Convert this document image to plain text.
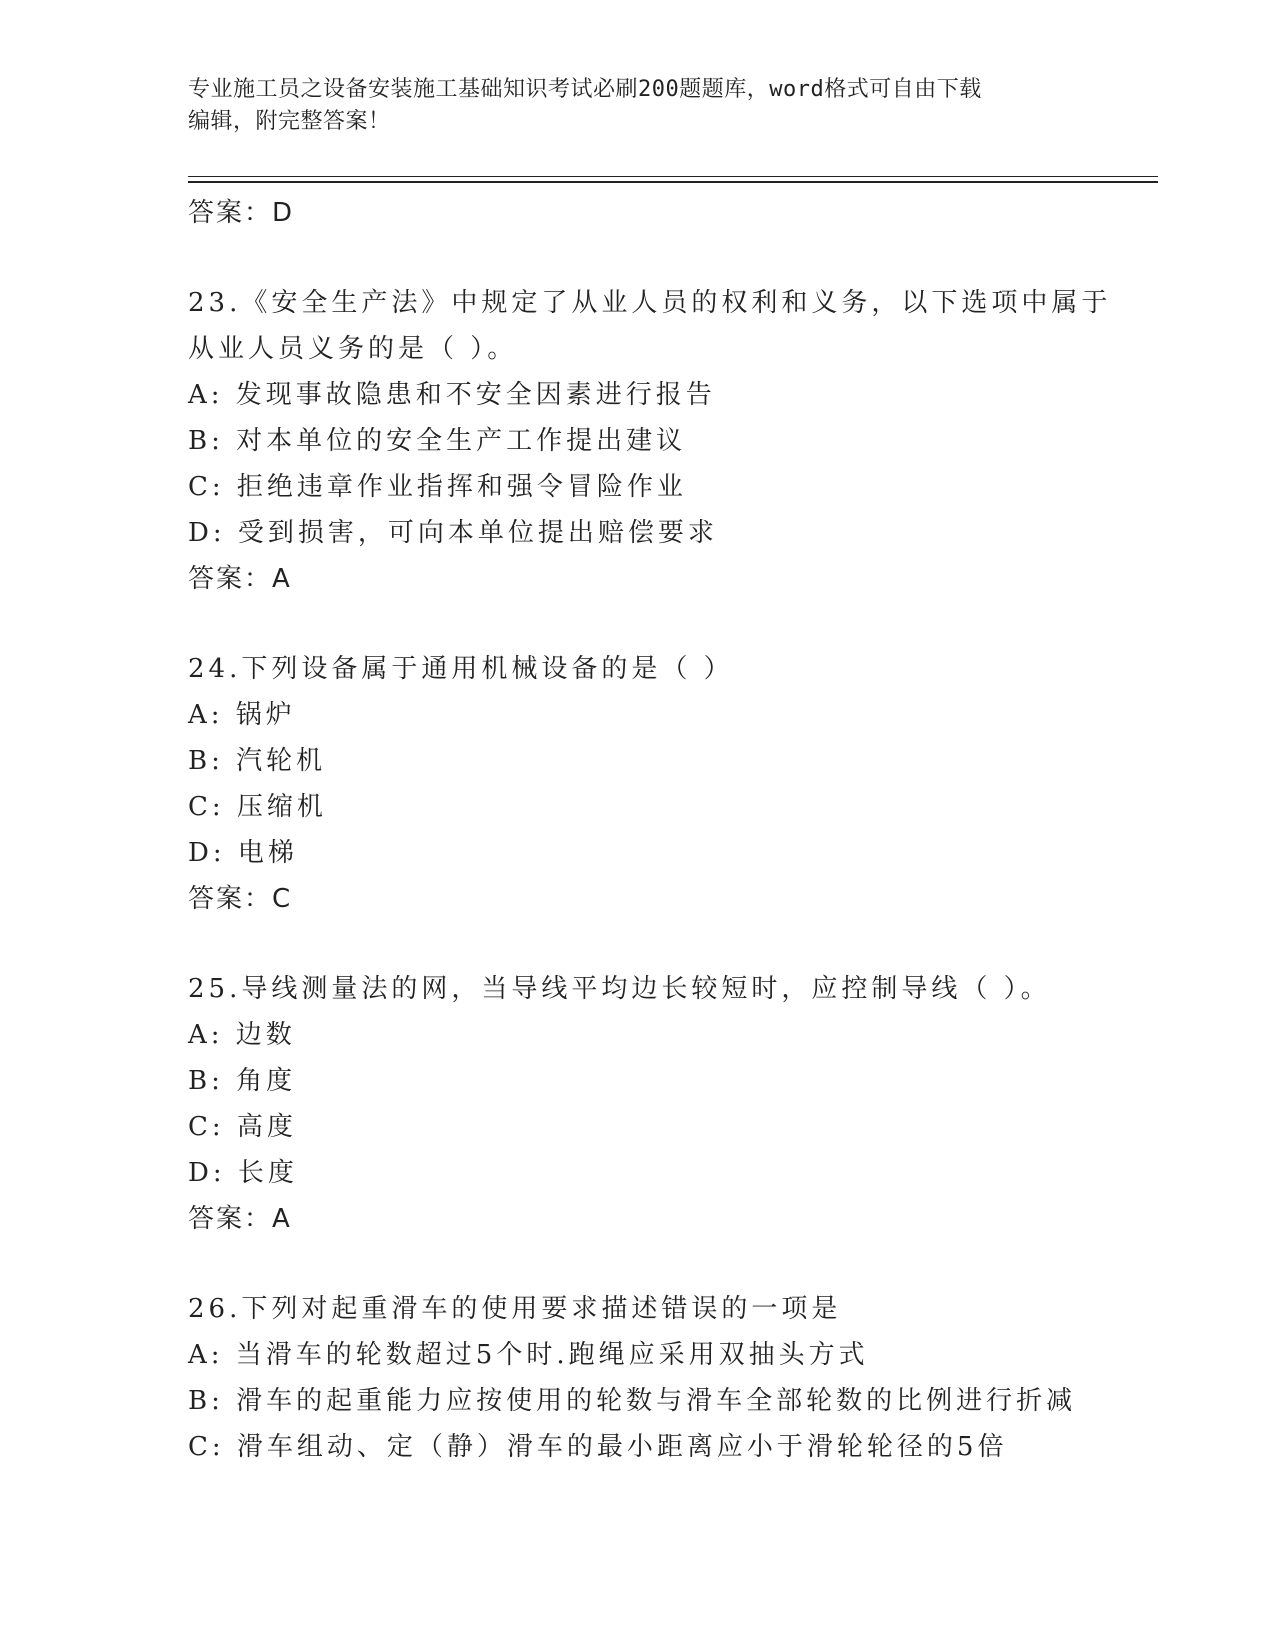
专业施工员之设备安装施工基础知识考试必刷200题题库，word格式可自由下载
编辑，附完整答案！
答案：D
23.《安全生产法》中规定了从业人员的权利和义务，以下选项中属于
从业人员义务的是（ ）。
A: 发现事故隐患和不安全因素进行报告
B: 对本单位的安全生产工作提出建议
C: 拒绝违章作业指挥和强令冒险作业
D: 受到损害，可向本单位提出赔偿要求
答案：A
24.下列设备属于通用机械设备的是（ ）
A: 锅炉
B: 汽轮机
C: 压缩机
D: 电梯
答案：C
25.导线测量法的网，当导线平均边长较短时，应控制导线（ ）。
A: 边数
B: 角度
C: 高度
D: 长度
答案：A
26.下列对起重滑车的使用要求描述错误的一项是
A: 当滑车的轮数超过5个时.跑绳应采用双抽头方式
B: 滑车的起重能力应按使用的轮数与滑车全部轮数的比例进行折减
C: 滑车组动、定（静）滑车的最小距离应小于滑轮轮径的5倍
